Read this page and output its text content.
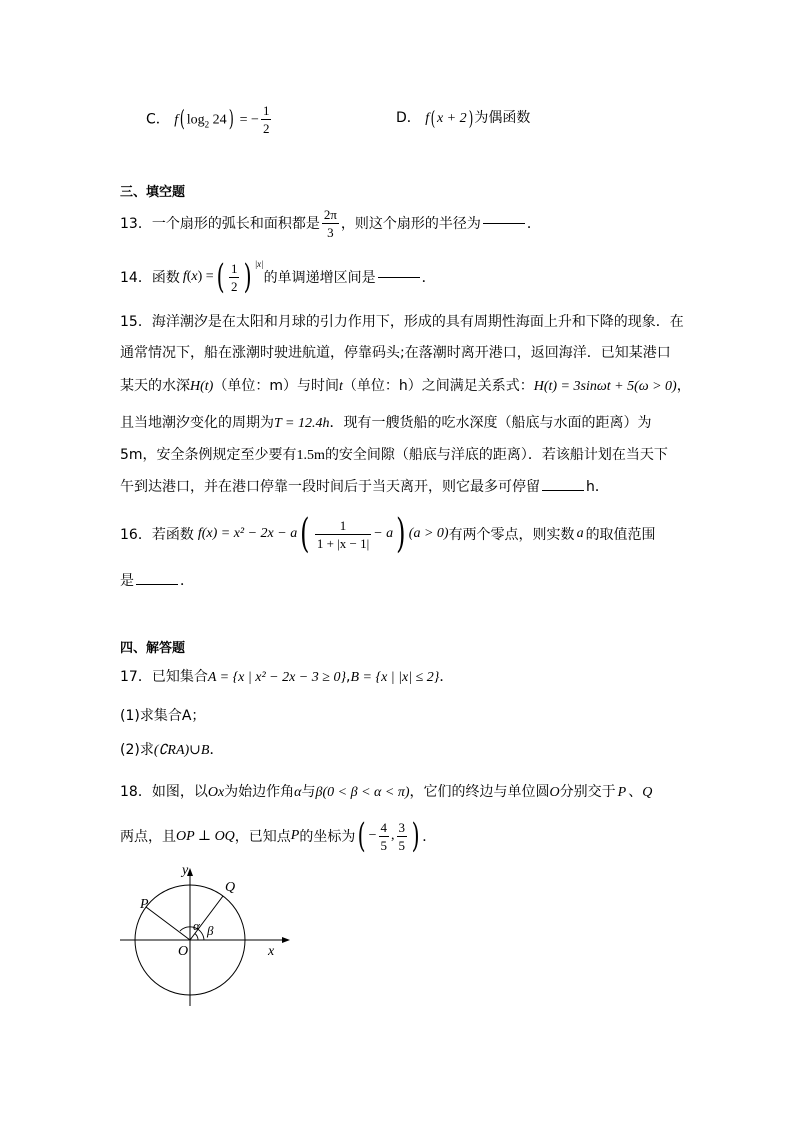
C． f( $\log_2 24$) = − $\frac{1}{2}$	D． f( x + 2) 为偶函数
三、填空题
13．一个扇形的弧长和面积都是 $\frac{2\pi}{3}$ ，则这个扇形的半径为	．
14．函数 f ( x ) = ( $\frac{1}{2}$ ) $^{|x|}$
的单调递增区间是	．
15．海洋潮汐是在太阳和月球的引力作用下，形成的具有周期性海面上升和下降的现象．在
通常情况下，船在涨潮时驶进航道，停靠码头;在落潮时离开港口，返回海洋．已知某港口
某天的水深H(t)（单位：m）与时间t（单位：h）之间满足关系式：H(t) = 3sinωt + 5(ω > 0)，
且当地潮汐变化的周期为T = 12.4h．现有一艘货船的吃水深度（船底与水面的距离）为
5m，安全条例规定至少要有1.5m的安全间隙（船底与洋底的距离）．若该船计划在当天下
午到达港口，并在港口停靠一段时间后于当天离开，则它最多可停留	h．
16．若函数 f(x) = x² − 2x − a ( $\frac{1}{1 + |x - 1|} - a$ ) (a > 0) 有两个零点，则实数 a 的取值范围
是	．
四、解答题
17．已知集合A = {x | x² − 2x − 3 ≥ 0},B = {x | |x| ≤ 2}．
(1)求集合A；
(2)求(∁RA)∪B．
18．如图，以Ox为始边作角α与β(0 < β < α < π)，它们的终边与单位圆O分别交于 P 、Q
两点，且 OP ⊥ OQ ，已知点 P 的坐标为 ( − $\frac{4}{5}$ , $\frac{3}{5}$ ) ．
y
x
O
P
Q
α β
